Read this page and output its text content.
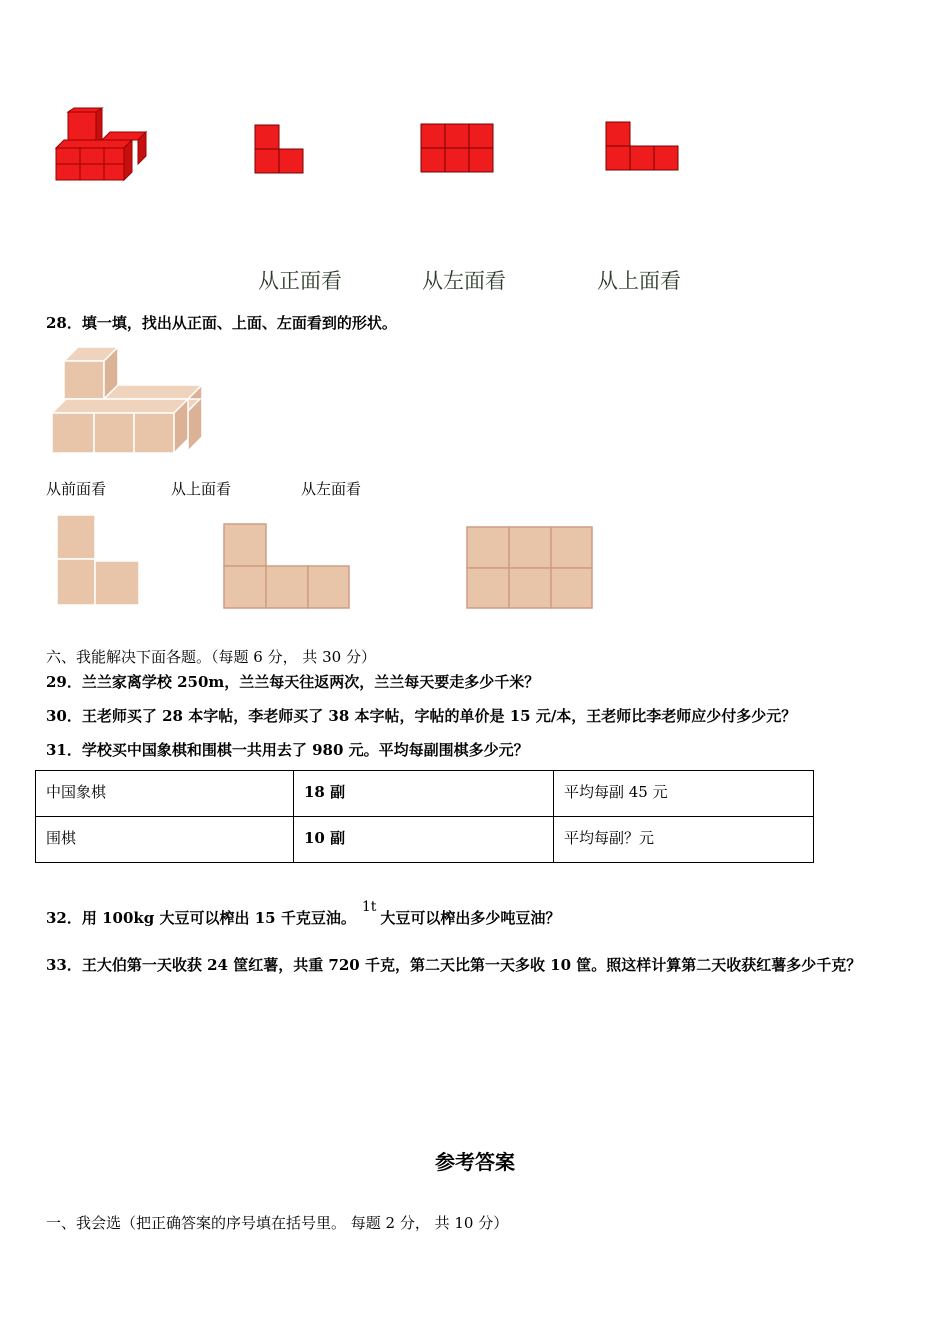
从正面看	从左面看	从上面看
28．填一填，找出从正面、上面、左面看到的形状。
从前面看	从上面看	从左面看
六、我能解决下面各题。（每题 6 分， 共 30 分）
29．兰兰家离学校 250m，兰兰每天往返两次，兰兰每天要走多少千米？
30．王老师买了 28 本字帖，李老师买了 38 本字帖，字帖的单价是 15 元/本，王老师比李老师应少付多少元？
31．学校买中国象棋和围棋一共用去了 980 元。平均每副围棋多少元？
中国象棋	18 副	平均每副 45 元
围棋	10 副	平均每副？元
32．用 100kg 大豆可以榨出 15 千克豆油。1t大豆可以榨出多少吨豆油？
33．王大伯第一天收获 24 筐红薯，共重 720 千克，第二天比第一天多收 10 筐。照这样计算第二天收获红薯多少千克？
参考答案
一、我会选（把正确答案的序号填在括号里。 每题 2 分， 共 10 分）
